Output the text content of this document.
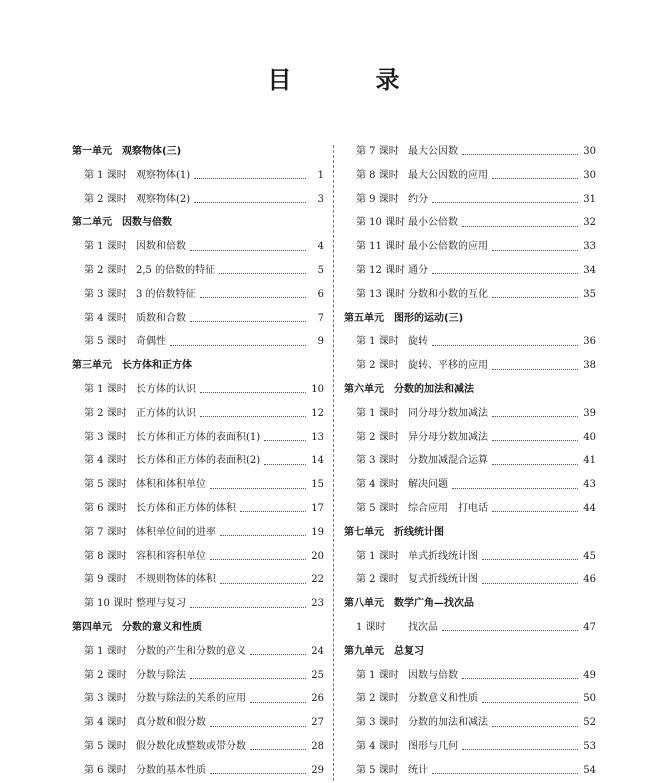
目　录
第一单元 观察物体(三)
第 1 课时 观察物体(1)	1
第 2 课时 观察物体(2)	3
第二单元 因数与倍数
第 1 课时 因数和倍数	4
第 2 课时 2,5 的倍数的特征	5
第 3 课时 3 的倍数特征	6
第 4 课时 质数和合数	7
第 5 课时 奇偶性	9
第三单元 长方体和正方体
第 1 课时 长方体的认识	10
第 2 课时 正方体的认识	12
第 3 课时 长方体和正方体的表面积(1)	13
第 4 课时 长方体和正方体的表面积(2)	14
第 5 课时 体积和体积单位	15
第 6 课时 长方体和正方体的体积	17
第 7 课时 体积单位间的进率	19
第 8 课时 容积和容积单位	20
第 9 课时 不规则物体的体积	22
第 10 课时 整理与复习	23
第四单元 分数的意义和性质
第 1 课时 分数的产生和分数的意义	24
第 2 课时 分数与除法	25
第 3 课时 分数与除法的关系的应用	26
第 4 课时 真分数和假分数	27
第 5 课时 假分数化成整数或带分数	28
第 6 课时 分数的基本性质	29
第 7 课时 最大公因数	30
第 8 课时 最大公因数的应用	30
第 9 课时 约分	31
第 10 课时 最小公倍数	32
第 11 课时 最小公倍数的应用	33
第 12 课时 通分	34
第 13 课时 分数和小数的互化	35
第五单元 图形的运动(三)
第 1 课时 旋转	36
第 2 课时 旋转、平移的应用	38
第六单元 分数的加法和减法
第 1 课时 同分母分数加减法	39
第 2 课时 异分母分数加减法	40
第 3 课时 分数加减混合运算	41
第 4 课时 解决问题	43
第 5 课时 综合应用　打电话	44
第七单元 折线统计图
第 1 课时 单式折线统计图	45
第 2 课时 复式折线统计图	46
第八单元 数学广角—找次品
1 课时	找次品	47
第九单元 总复习
第 1 课时 因数与倍数	49
第 2 课时 分数意义和性质	50
第 3 课时 分数的加法和减法	52
第 4 课时 图形与几何	53
第 5 课时 统计	54
